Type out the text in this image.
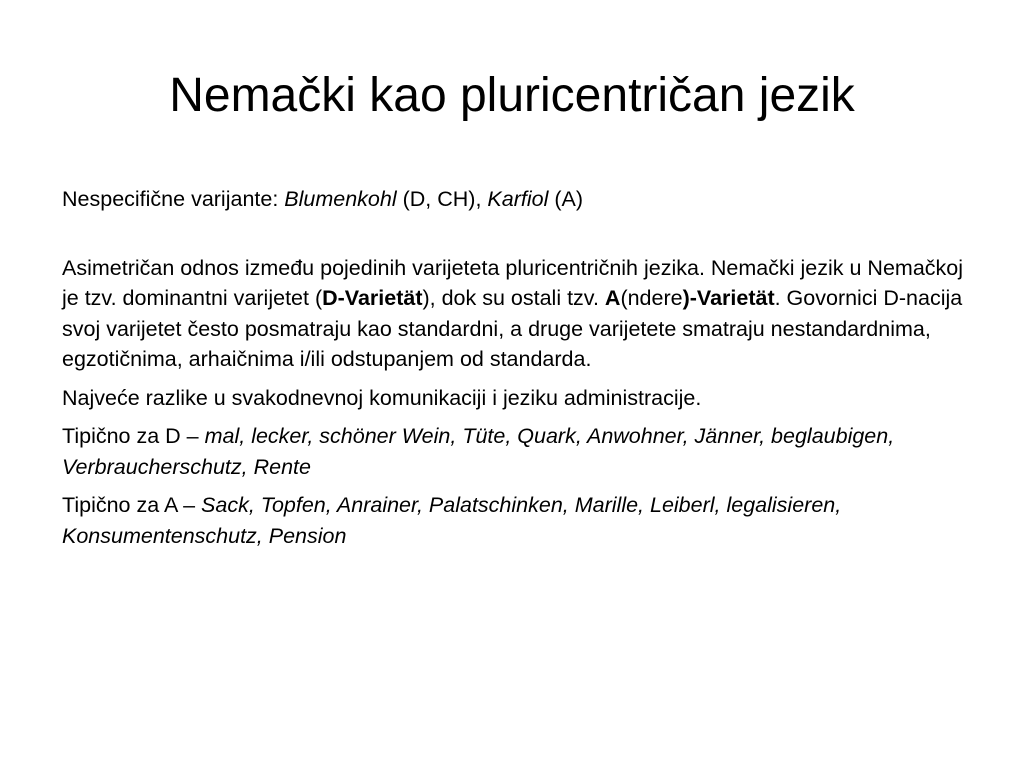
Nemački kao pluricentričan jezik

Nespecifične varijante: Blumenkohl (D, CH), Karfiol (A)

Asimetričan odnos između pojedinih varijeteta pluricentričnih jezika. Nemački jezik u Nemačkoj je tzv. dominantni varijetet (D-Varietät), dok su ostali tzv. A(ndere)-Varietät. Govornici D-nacija svoj varijetet često posmatraju kao standardni, a druge varijetete smatraju nestandardnima, egzotičnima, arhaičnima i/ili odstupanjem od standarda.

Najveće razlike u svakodnevnoj komunikaciji i jeziku administracije.

Tipično za D – mal, lecker, schöner Wein, Tüte, Quark, Anwohner, Jänner, beglaubigen, Verbraucherschutz, Rente

Tipično za A – Sack, Topfen, Anrainer, Palatschinken, Marille, Leiberl, legalisieren, Konsumentenschutz, Pension
